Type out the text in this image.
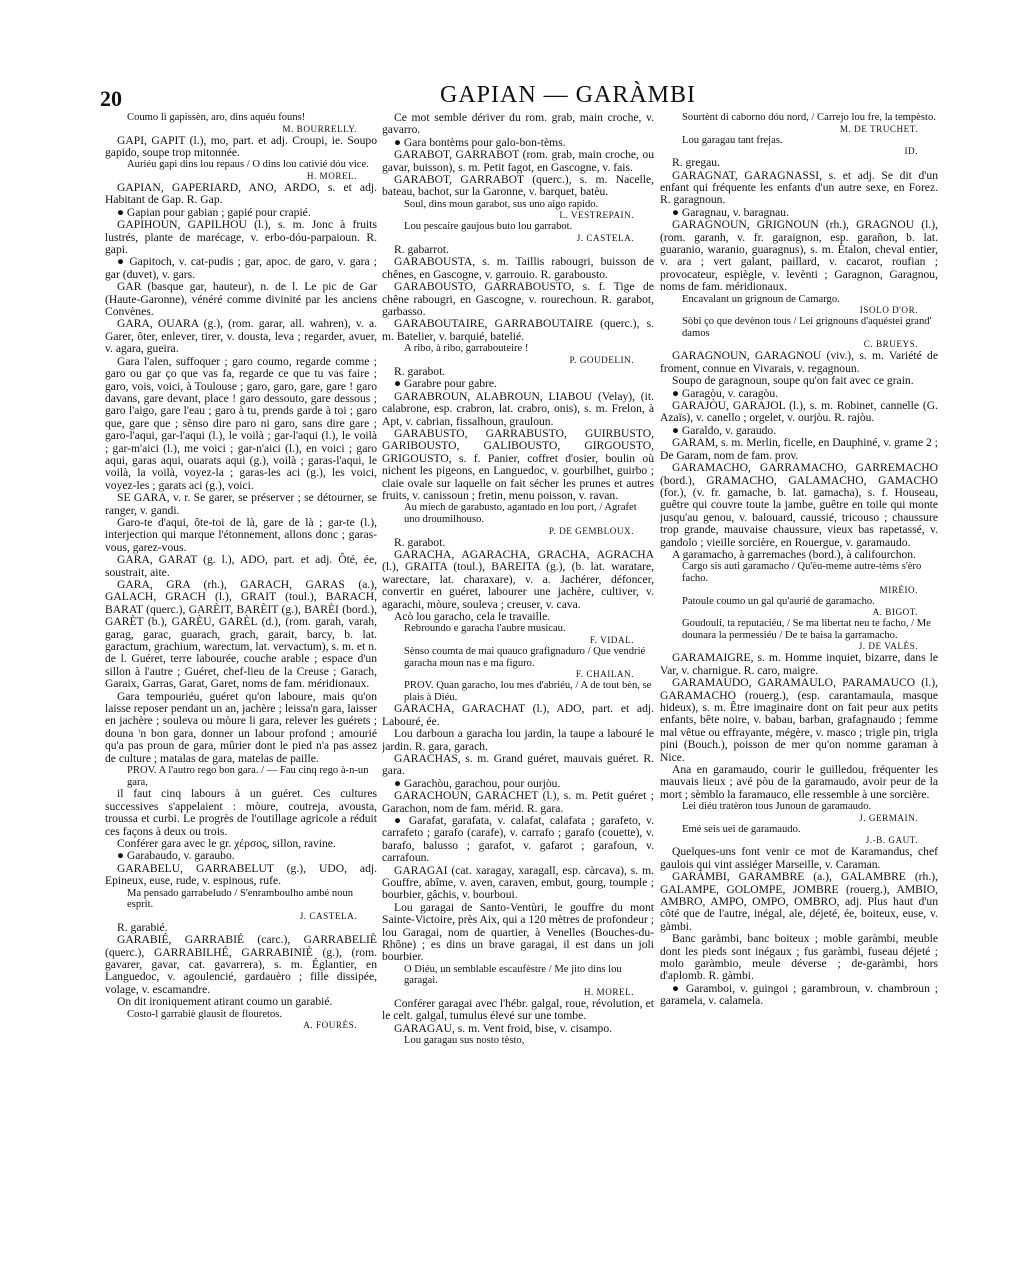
20	GAPIAN — GARÀMBI

Coumo li gapissèn, aro, dins aquéu founs!

M. BOURRELLY.

GAPI, GAPIT (l.), mo, part. et adj. Croupi, ie. Soupo gapido, soupe trop mitonnée.

Auriéu gapi dins lou repaus / O dins lou cativié dóu vice.

H. MOREL.

GAPIAN, GAPERIARD, ANO, ARDO, s. et adj. Habitant de Gap. R. Gap.

● Gapian pour gabian ; gapié pour crapié.

GAPIHOUN, GAPILHOU (l.), s. m. Jonc à fruits lustrés, plante de marécage, v. erbo-dóu-parpaioun. R. gapi.

● Gapitoch, v. cat-pudis ; gar, apoc. de garo, v. gara ; gar (duvet), v. gars.

GAR (basque gar, hauteur), n. de l. Le pic de Gar (Haute-Garonne), vénéré comme divinité par les anciens Convènes.

GARA, OUARA (g.), (rom. garar, all. wahren), v. a. Garer, ôter, enlever, tirer, v. dousta, leva ; regarder, avuer, v. agara, gueira.

Gara l'alen, suffoquer ; garo coumo, regarde comme ; garo ou gar ço que vas fa, regarde ce que tu vas faire ; garo, vois, voici, à Toulouse ; garo, garo, gare, gare ! garo davans, gare devant, place ! garo dessouto, gare dessous ; garo l'aigo, gare l'eau ; garo à tu, prends garde à toi ; garo que, gare que ; sènso dire paro ni garo, sans dire gare ; garo-l'aqui, gar-l'aqui (l.), le voilà ; gar-l'aqui (l.), le voilà ; gar-m'aici (l.), me voici ; gar-n'aici (l.), en voici ; garo aqui, garas aqui, ouarats aqui (g.), voilà ; garas-l'aqui, le voilà, la voilà, voyez-la ; garas-les aci (g.), les voici, voyez-les ; garats aci (g.), voici.

SE GARA, v. r. Se garer, se préserver ; se détourner, se ranger, v. gandi.

Garo-te d'aqui, ôte-toi de là, gare de là ; gar-te (l.), interjection qui marque l'étonnement, allons donc ; garas-vous, garez-vous.

GARA, GARAT (g. l.), ADO, part. et adj. Ôté, ée, soustrait, aite.

GARA, GRA (rh.), GARACH, GARAS (a.), GALACH, GRACH (l.), GRAIT (toul.), BARACH, BARAT (querc.), GARÈIT, BARÈIT (g.), BARÈI (bord.), GARÈT (b.), GARÈU, GARÈL (d.), (rom. garah, varah, garag, garac, guarach, grach, garait, barcy, b. lat. garactum, grachium, warectum, lat. vervactum), s. m. et n. de l. Guéret, terre labourée, couche arable ; espace d'un sillon à l'autre ; Guéret, chef-lieu de la Creuse ; Garach, Garaix, Garras, Garat, Garet, noms de fam. méridionaux.

Gara tempouriéu, guéret qu'on laboure, mais qu'on laisse reposer pendant un an, jachère ; leissa'n gara, laisser en jachère ; souleva ou mòure li gara, relever les guérets ; douna 'n bon gara, donner un labour profond ; amourié qu'a pas proun de gara, mûrier dont le pied n'a pas assez de culture ; matalas de gara, matelas de paille.

PROV. A l'autro rego bon gara. / — Fau cinq rego à-n-un gara,

il faut cinq labours à un guéret. Ces cultures successives s'appelaient : mòure, coutreja, avousta, troussa et curbi. Le progrès de l'outillage agricole a réduit ces façons à deux ou trois.

Conférer gara avec le gr. χέρσος, sillon, ravine.

● Garabaudo, v. garaubo.

GARABELU, GARRABELUT (g.), UDO, adj. Epineux, euse, rude, v. espinous, rufe.

Ma pensado garrabeludo / S'enramboulho ambé noun esprit.

J. CASTELA.

R. garabié.

GARABIÉ, GARRABIÉ (carc.), GARRABELIÈ (querc.), GARRABILHÉ, GARRABINIÈ (g.), (rom. gavarer, gavar, cat. gavarrera), s. m. Églantier, en Languedoc, v. agoulencié, gardauèro ; fille dissipée, volage, v. escamandre.

On dit ironiquement atirant coumo un garabié.

Costo-l garrabiè glausit de flouretos.

A. FOURÈS.

Ce mot semble dériver du rom. grab, main croche, v. gavarro.

● Gara bontèms pour galo-bon-tèms.

GARABOT, GARRABOT (rom. grab, main croche, ou gavar, buisson), s. m. Petit fagot, en Gascogne, v. fais.

GARABOT, GARRABOT (querc.), s. m. Nacelle, bateau, bachot, sur la Garonne, v. barquet, batèu.

Soul, dins moun garabot, sus uno aigo rapido.

L. VESTREPAIN.

Lou pescaire gaujous buto lou garrabot.

J. CASTELA.

R. gabarrot.

GARABOUSTA, s. m. Taillis rabougri, buisson de chênes, en Gascogne, v. garrouio. R. garabousto.

GARABOUSTO, GARRABOUSTO, s. f. Tige de chêne rabougri, en Gascogne, v. rourechoun. R. garabot, garbasso.

GARABOUTAIRE, GARRABOUTAIRE (querc.), s. m. Batelier, v. barquié, batelié.

A ribo, à ribo, garrabouteire !

P. GOUDELIN.

R. garabot.

● Garabre pour gabre.

GARABROUN, ALABROUN, LIABOU (Velay), (it. calabrone, esp. crabron, lat. crabro, onis), s. m. Frelon, à Apt, v. cabrian, fissalhoun, grauloun.

GARABUSTO, GARRABUSTO, GUIRBUSTO, GARIBOUSTO, GALIBOUSTO, GIRGOUSTO, GRIGOUSTO, s. f. Panier, coffret d'osier, boulin où nichent les pigeons, en Languedoc, v. gourbilhet, guirbo ; claie ovale sur laquelle on fait sécher les prunes et autres fruits, v. canissoun ; fretin, menu poisson, v. ravan.

Au miech de garabusto, agantado en lou port, / Agrafet uno droumilhouso.

P. DE GEMBLOUX.

R. garabot.

GARACHA, AGARACHA, GRACHA, AGRACHA (l.), GRAITA (toul.), BAREITA (g.), (b. lat. waratare, warectare, lat. charaxare), v. a. Jachérer, défoncer, convertir en guéret, labourer une jachère, cultiver, v. agarachi, mòure, souleva ; creuser, v. cava.

Acò lou garacho, cela le travaille.

Rebroundo e garacha l'aubre musicau.

F. VIDAL.

Sènso coumta de mai quauco grafignaduro / Que vendrié garacha moun nas e ma figuro.

F. CHAILAN.

PROV. Quan garacho, lou mes d'abriéu, / A de tout bèn, se plais à Diéu.

GARACHA, GARACHAT (l.), ADO, part. et adj. Labouré, ée.

Lou darboun a garacha lou jardin, la taupe a labouré le jardin. R. gara, garach.

GARACHAS, s. m. Grand guéret, mauvais guéret. R. gara.

● Garachòu, garachou, pour ourjòu.

GARACHOUN, GARACHET (l.), s. m. Petit guéret ; Garachon, nom de fam. mérid. R. gara.

● Garafat, garafata, v. calafat, calafata ; garafeto, v. carrafeto ; garafo (carafe), v. carrafo ; garafo (couette), v. barafo, balusso ; garafot, v. gafarot ; garafoun, v. carrafoun.

GARAGAI (cat. xaragay, xaragall, esp. càrcava), s. m. Gouffre, abîme, v. aven, caraven, embut, gourg, toumple ; bourbier, gâchis, v. bourboui.

Lou garagai de Santo-Ventùri, le gouffre du mont Sainte-Victoire, près Aix, qui a 120 mètres de profondeur ; lou Garagai, nom de quartier, à Venelles (Bouches-du-Rhône) ; es dins un brave garagai, il est dans un joli bourbier.

O Diéu, un semblable escaufèstre / Me jito dins lou garagai.

H. MOREL.

Conférer garagai avec l'hébr. galgal, roue, révolution, et le celt. galgal, tumulus élevé sur une tombe.

GARAGAU, s. m. Vent froid, bise, v. cisampo.

Lou garagau sus nosto tèsto,

Sourtènt di caborno dóu nord, / Carrejo lou fre, la tempèsto.

M. DE TRUCHET.

Lou garagau tant frejas.

ID.

R. gregau.

GARAGNAT, GARAGNASSI, s. et adj. Se dit d'un enfant qui fréquente les enfants d'un autre sexe, en Forez. R. garagnoun.

● Garagnau, v. baragnau.

GARAGNOUN, GRIGNOUN (rh.), GRAGNOU (l.), (rom. garanh, v. fr. garaignon, esp. garañon, b. lat. guaranio, waranio, guaragnus), s. m. Étalon, cheval entier, v. ara ; vert galant, paillard, v. cacarot, roufian ; provocateur, espiègle, v. levènti ; Garagnon, Garagnou, noms de fam. méridionaux.

Encavalant un grignoun de Camargo.

ISOLO D'OR.

Sòbi ço que devènon tous / Lei grignouns d'aquéstei grand' damos

C. BRUEYS.

GARAGNOUN, GARAGNOU (viv.), s. m. Variété de froment, connue en Vivarais, v. regagnoun.

Soupo de garagnoun, soupe qu'on fait avec ce grain.

● Garagòu, v. caragòu.

GARAJÒU, GARAJOL (l.), s. m. Robinet, cannelle (G. Azaïs), v. canello ; orgelet, v. ourjòu. R. rajòu.

● Garaldo, v. garaudo.

GARAM, s. m. Merlin, ficelle, en Dauphiné, v. grame 2 ; De Garam, nom de fam. prov.

GARAMACHO, GARRAMACHO, GARREMACHO (bord.), GRAMACHO, GALAMACHO, GAMACHO (for.), (v. fr. gamache, b. lat. gamacha), s. f. Houseau, guêtre qui couvre toute la jambe, guêtre en toile qui monte jusqu'au genou, v. balouard, caussié, tricouso ; chaussure trop grande, mauvaise chaussure, vieux bas rapetassé, v. gandolo ; vieille sorcière, en Rouergue, v. garamaudo.

A garamacho, à garremaches (bord.), à califourchon.

Cargo sis auti garamacho / Qu'èu-meme autre-tèms s'èro facho.

MIRÈIO.

Patoule coumo un gal qu'aurié de garamacho.

A. BIGOT.

Goudouli, ta reputaciéu, / Se ma libertat neu te facho, / Me dounara la permessiéu / De te baisa la garramacho.

J. DE VALÈS.

GARAMAIGRE, s. m. Homme inquiet, bizarre, dans le Var, v. charnigue. R. caro, maigre.

GARAMAUDO, GARAMAULO, PARAMAUCO (l.), GARAMACHO (rouerg.), (esp. carantamaula, masque hideux), s. m. Être imaginaire dont on fait peur aux petits enfants, bête noire, v. babau, barban, grafagnaudo ; femme mal vêtue ou effrayante, mégère, v. masco ; trigle pin, trigla pini (Bouch.), poisson de mer qu'on nomme garaman à Nice.

Ana en garamaudo, courir le guilledou, fréquenter les mauvais lieux ; avé pòu de la garamaudo, avoir peur de la mort ; sèmblo la faramauco, elle ressemble à une sorcière.

Lei diéu tratèron tous Junoun de garamaudo.

J. GERMAIN.

Emé seis uei de garamaudo.

J.-B. GAUT.

Quelques-uns font venir ce mot de Karamandus, chef gaulois qui vint assiéger Marseille, v. Caraman.

GARÀMBI, GARAMBRE (a.), GALAMBRE (rh.), GALAMPE, GOLOMPE, JOMBRE (rouerg.), AMBIO, AMBRO, AMPO, OMPO, OMBRO, adj. Plus haut d'un côté que de l'autre, inégal, ale, déjeté, ée, boiteux, euse, v. gàmbi.

Banc garàmbi, banc boiteux ; moble garàmbi, meuble dont les pieds sont inégaux ; fus garàmbi, fuseau déjeté ; molo garàmbio, meule déverse ; de-garàmbi, hors d'aplomb. R. gàmbi.

● Garamboi, v. guingoi ; garambroun, v. chambroun ; garamela, v. calamela.
